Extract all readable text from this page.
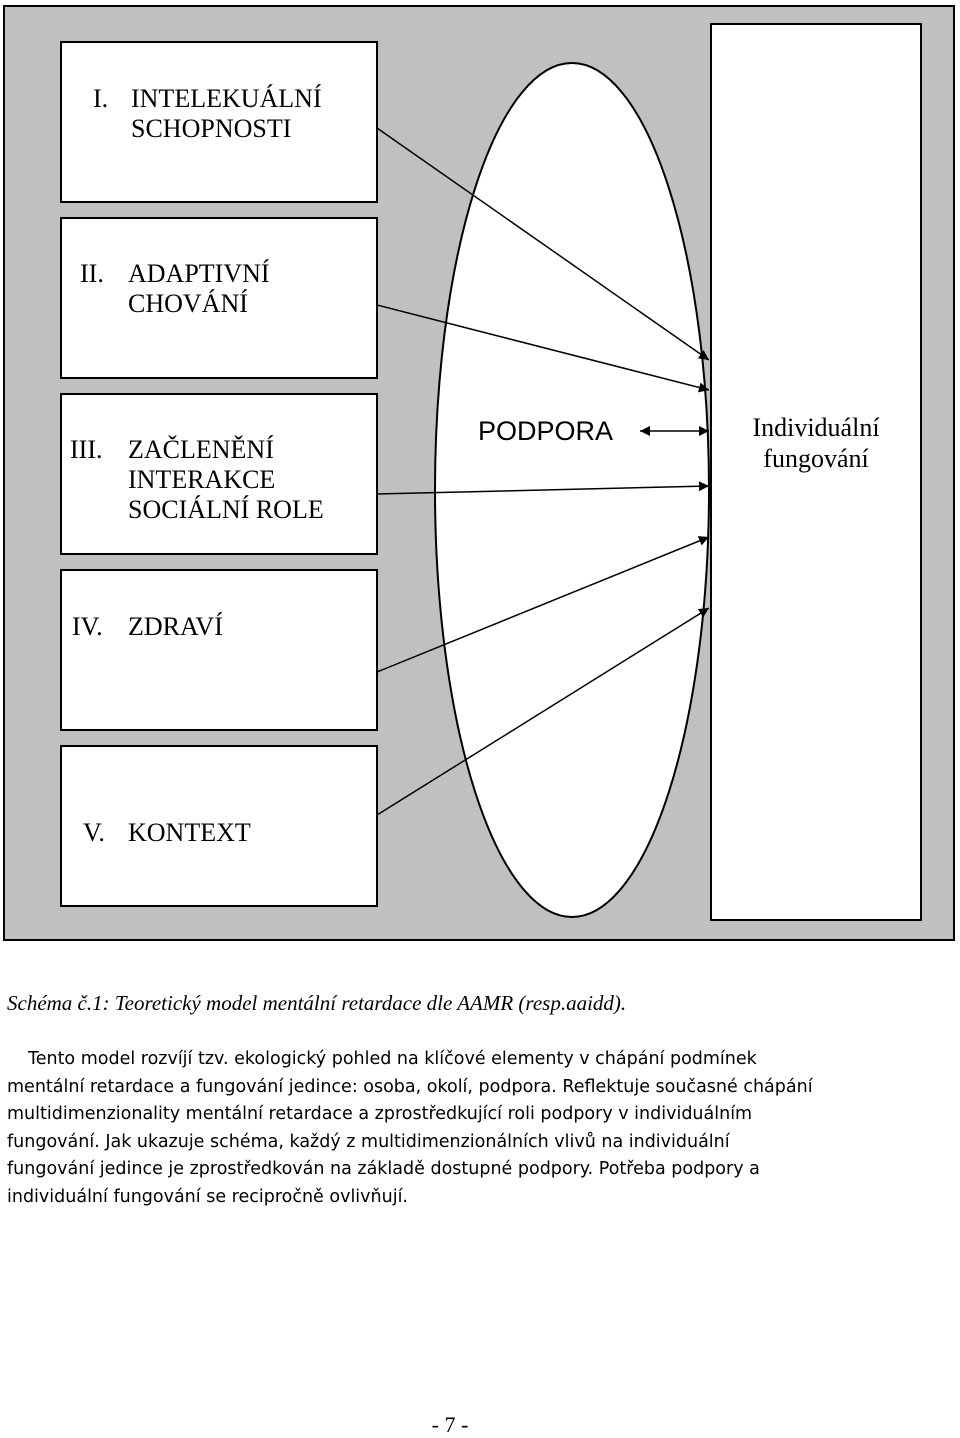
I. INTELEKUÁLNÍ
SCHOPNOSTI
II. ADAPTIVNÍ
CHOVÁNÍ
III. ZAČLENĚNÍ
INTERAKCE
SOCIÁLNÍ ROLE
IV. ZDRAVÍ
V. KONTEXT
PODPORA	Individuální
fungování
Schéma č.1: Teoretický model mentální retardace dle AAMR (resp.aaidd).
Tento model rozvíjí tzv. ekologický pohled na klíčové elementy v chápání podmínek
mentální retardace a fungování jedince: osoba, okolí, podpora. Reflektuje současné chápání
multidimenzionality mentální retardace a zprostředkující roli podpory v individuálním
fungování. Jak ukazuje schéma, každý z multidimenzionálních vlivů na individuální
fungování jedince je zprostředkován na základě dostupné podpory. Potřeba podpory a
individuální fungování se recipročně ovlivňují.
- 7 -
